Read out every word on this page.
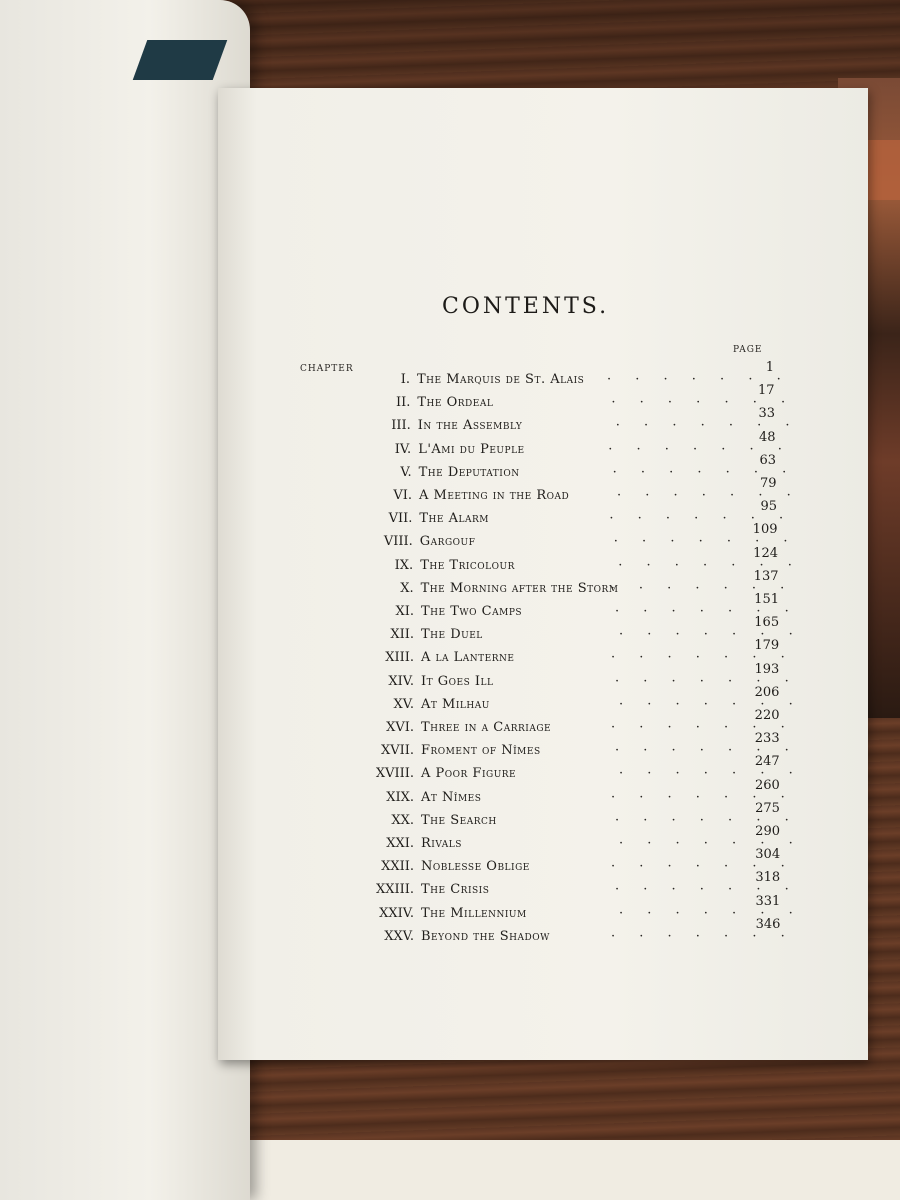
CONTENTS.
PAGE
CHAPTER
I. The Marquis de St. Alais · · · · · · ·
1
II. The Ordeal	· · · · · · ·
17
III. In the Assembly	· · · · · · ·
33
IV. L'Ami du Peuple	· · · · · · ·
48
V. The Deputation	· · · · · · ·
63
VI. A Meeting in the Road	· · · · · · ·
79
VII. The Alarm	· · · · · · ·
95
VIII. Gargouf	· · · · · · ·
109
IX. The Tricolour	· · · · · · ·
124
X. The Morning after the Storm
· · · · · · ·
137
XI. The Two Camps	· · · · · · ·
151
XII. The Duel	· · · · · · ·
165
XIII. A la Lanterne	· · · · · · ·
179
XIV. It Goes Ill	· · · · · · ·
193
XV. At Milhau	· · · · · · ·
206
XVI. Three in a Carriage	· · · · · · ·
220
XVII. Froment of Nîmes	· · · · · · ·
233
XVIII. A Poor Figure	· · · · · · ·
247
XIX. At Nîmes	· · · · · · ·
260
XX. The Search	· · · · · · ·
275
XXI. Rivals	· · · · · · ·
290
XXII. Noblesse Oblige	· · · · · · ·
304
XXIII. The Crisis	· · · · · · ·
318
XXIV. The Millennium	· · · · · · ·
331
XXV. Beyond the Shadow	· · · · · · ·
346
